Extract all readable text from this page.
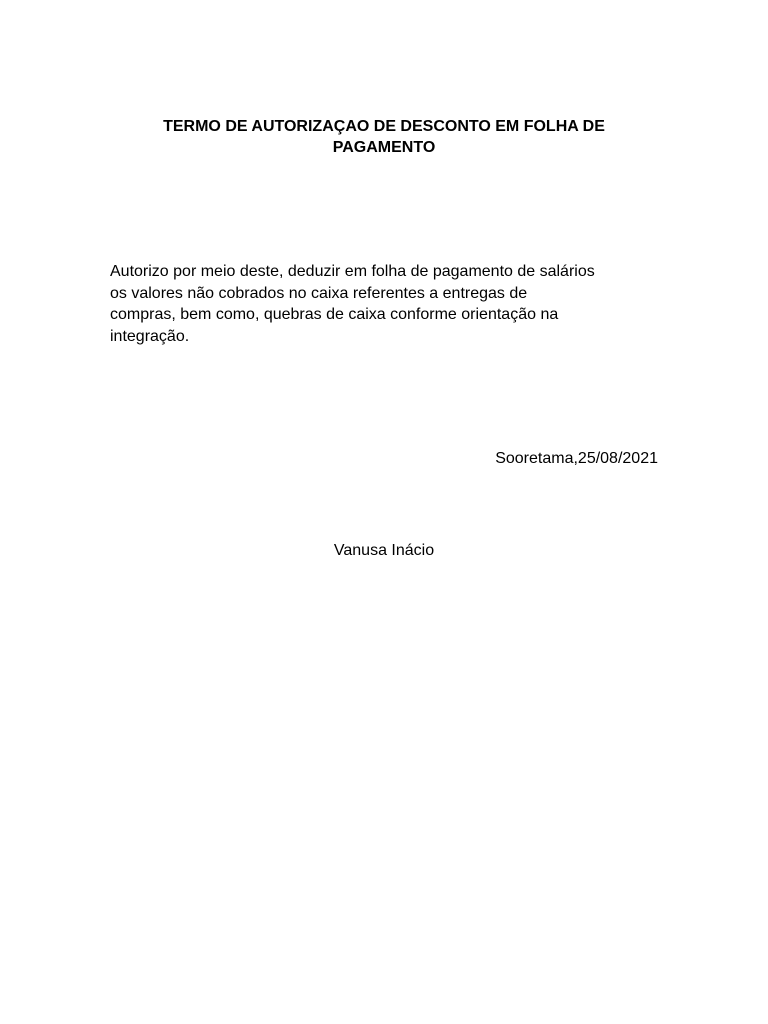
TERMO DE AUTORIZAÇAO DE DESCONTO EM FOLHA DE
PAGAMENTO

Autorizo por meio deste, deduzir em folha de pagamento de salários
os valores não cobrados no caixa referentes a entregas de
compras, bem como, quebras de caixa conforme orientação na
integração.

Sooretama,25/08/2021

Vanusa Inácio
